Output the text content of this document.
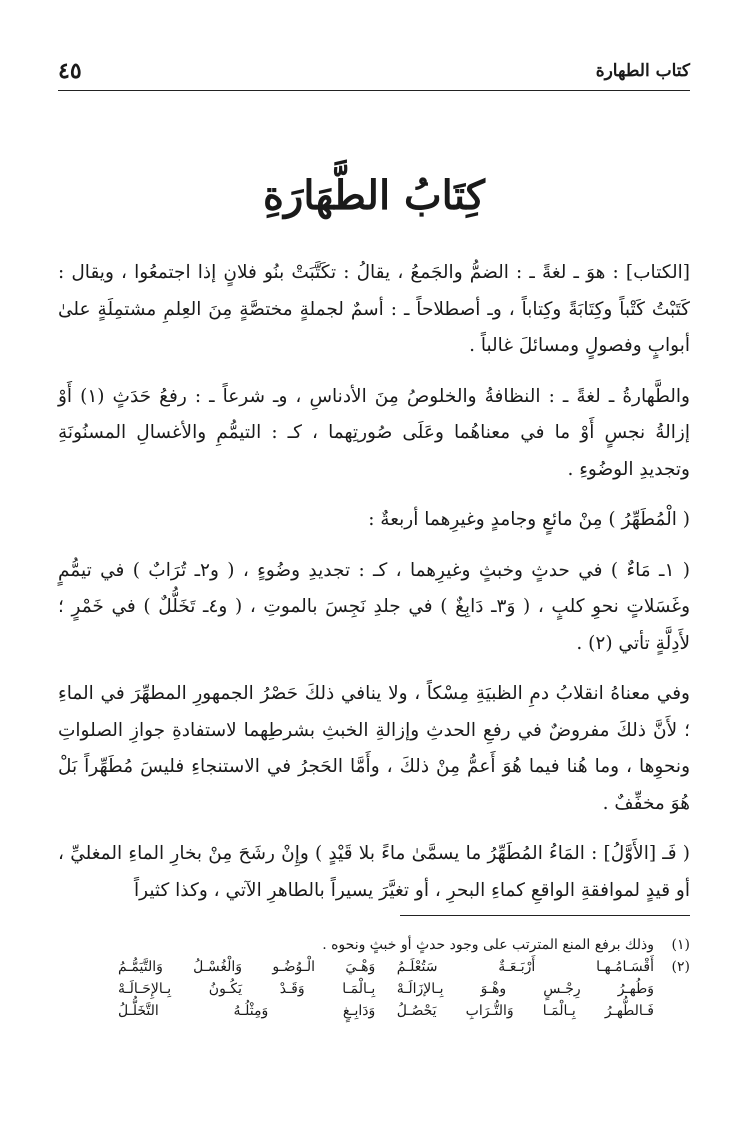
كتاب الطهارة
٤٥
كِتَابُ الطَّهَارَةِ

[الكتاب] : هوَ ـ لغةً ـ : الضمُّ والجَمعُ ، يقالُ : تكَتَّبَتْ بنُو فلانٍ إذا اجتمعُوا ، ويقال : كَتَبْتُ كَتْباً وكِتَابَةً وكِتاباً ، وـ أصطلاحاً ـ : أسمٌ لجملةٍ مختصَّةٍ مِنَ العِلمِ مشتمِلَةٍ علىٰ أبوابٍ وفصولٍ ومسائلَ غالباً .

والطَّهارةُ ـ لغةً ـ : النظافةُ والخلوصُ مِنَ الأدناسِ ، وـ شرعاً ـ : رفعُ حَدَثٍ (١) أَوْ إزالةُ نجسٍ أَوْ ما في معناهُما وعَلَى صُورتِهما ، كـ : التيمُّمِ والأغسالِ المسنُونَةِ وتجديدِ الوضُوءِ .

( الْمُطَهِّرُ ) مِنْ مائعٍ وجامدٍ وغيرِهما أربعةٌ :

( ١ـ مَاءٌ ) في حدثٍ وخبثٍ وغيرِهما ، كـ : تجديدِ وضُوءٍ ، ( و٢ـ تُرَابٌ ) في تيمُّمٍ وغَسَلاتٍ نحوِ كلبٍ ، ( وَ٣ـ دَابِغٌ ) في جلدِ نَجِسَ بالموتِ ، ( و٤ـ تَخَلُّلٌ ) في خَمْرٍ ؛ لأَدِلَّةٍ تأتي (٢) .

وفي معناهُ انقلابُ دمِ الظبيَةِ مِسْكاً ، ولا ينافي ذلكَ حَصْرُ الجمهورِ المطهِّرَ في الماءِ ؛ لأَنَّ ذلكَ مفروضٌ في رفعِ الحدثِ وإزالةِ الخبثِ بشرطِهما لاستفادةِ جوازِ الصلواتِ ونحوِها ، وما هُنا فيما هُوَ أَعمُّ مِنْ ذلكَ ، وأَمَّا الحَجرُ في الاستنجاءِ فليسَ مُطَهِّراً بَلْ هُوَ مخفِّفٌ .

( فَـ [الأَوَّلُ] : المَاءُ المُطَهِّرُ ما يسمَّىٰ ماءً بلا قَيْدٍ ) وإِنْ رشَحَ مِنْ بخارِ الماءِ المغليِّ ، أو قيدٍ لموافقةِ الواقعِ كماءِ البحرِ ، أو تغيَّرَ يسيراً بالطاهرِ الآتي ، وكذا كثيراً

(١)
وذلك برفع المنع المترتب على وجود حدثٍ أو خبثٍ ونحوه .
(٢)
أَقْسَـامُـهـا أَرْبَـعَـةٌ سَتُعْلَـمُ
وَهْـيَ الْـوُضُـو وَالْغُسْـلُ وَالتَّيَمُّـمُ
وَطُهـرُ رِجْـسٍ وهْـوَ بِـالإزَالَـهْ
بِـالْمَـا وَقَـدْ يَكُـونُ بِـالإِحَـالَـهْ
فَـالطُّهـرُ بِـالْمَـا وَالتُّـرَابِ يَحْصُـلُ
وَدَابِـغٍ وَمِثْلُـهُ التَّخَلُّـلُ
